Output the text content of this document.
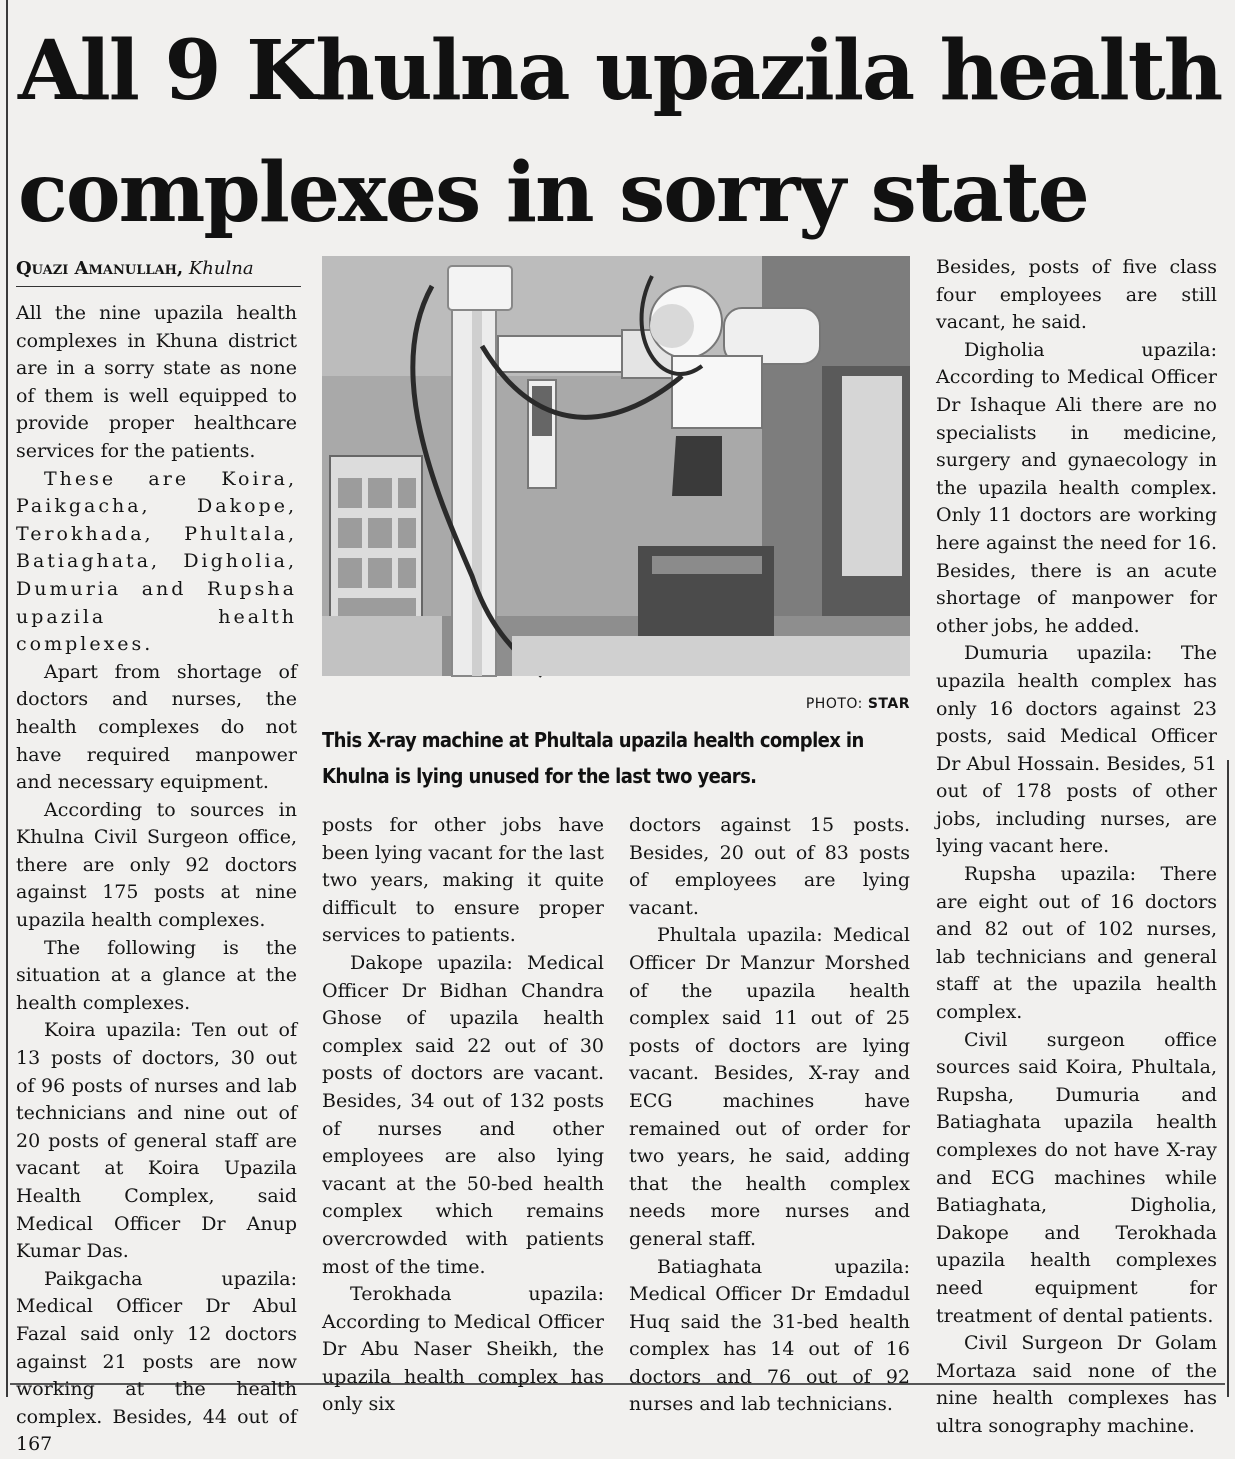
All 9 Khulna upazila health complexes in sorry state
Quazi Amanullah, Khulna

All the nine upazila health complexes in Khuna district are in a sorry state as none of them is well equipped to provide proper healthcare services for the patients.

These are Koira, Paikgacha, Dakope, Terokhada, Phultala, Batiaghata, Digholia, Dumuria and Rupsha upazila health complexes.

Apart from shortage of doctors and nurses, the health complexes do not have required manpower and necessary equipment.

According to sources in Khulna Civil Surgeon office, there are only 92 doctors against 175 posts at nine upazila health complexes.

The following is the situation at a glance at the health complexes.

Koira upazila: Ten out of 13 posts of doctors, 30 out of 96 posts of nurses and lab technicians and nine out of 20 posts of general staff are vacant at Koira Upazila Health Complex, said Medical Officer Dr Anup Kumar Das.

Paikgacha upazila: Medical Officer Dr Abul Fazal said only 12 doctors against 21 posts are now working at the health complex. Besides, 44 out of 167

PHOTO: STAR

This X-ray machine at Phultala upazila health complex in Khulna is lying unused for the last two years.

posts for other jobs have been lying vacant for the last two years, making it quite difficult to ensure proper services to patients.

Dakope upazila: Medical Officer Dr Bidhan Chandra Ghose of upazila health complex said 22 out of 30 posts of doctors are vacant. Besides, 34 out of 132 posts of nurses and other employees are also lying vacant at the 50-bed health complex which remains overcrowded with patients most of the time.

Terokhada upazila: According to Medical Officer Dr Abu Naser Sheikh, the upazila health complex has only six

doctors against 15 posts. Besides, 20 out of 83 posts of employees are lying vacant.

Phultala upazila: Medical Officer Dr Manzur Morshed of the upazila health complex said 11 out of 25 posts of doctors are lying vacant. Besides, X-ray and ECG machines have remained out of order for two years, he said, adding that the health complex needs more nurses and general staff.

Batiaghata upazila: Medical Officer Dr Emdadul Huq said the 31-bed health complex has 14 out of 16 doctors and 76 out of 92 nurses and lab technicians.

Besides, posts of five class four employees are still vacant, he said.

Digholia upazila: According to Medical Officer Dr Ishaque Ali there are no specialists in medicine, surgery and gynaecology in the upazila health complex. Only 11 doctors are working here against the need for 16. Besides, there is an acute shortage of manpower for other jobs, he added.

Dumuria upazila: The upazila health complex has only 16 doctors against 23 posts, said Medical Officer Dr Abul Hossain. Besides, 51 out of 178 posts of other jobs, including nurses, are lying vacant here.

Rupsha upazila: There are eight out of 16 doctors and 82 out of 102 nurses, lab technicians and general staff at the upazila health complex.

Civil surgeon office sources said Koira, Phultala, Rupsha, Dumuria and Batiaghata upazila health complexes do not have X-ray and ECG machines while Batiaghata, Digholia, Dakope and Terokhada upazila health complexes need equipment for treatment of dental patients.

Civil Surgeon Dr Golam Mortaza said none of the nine health complexes has ultra sonography machine.
